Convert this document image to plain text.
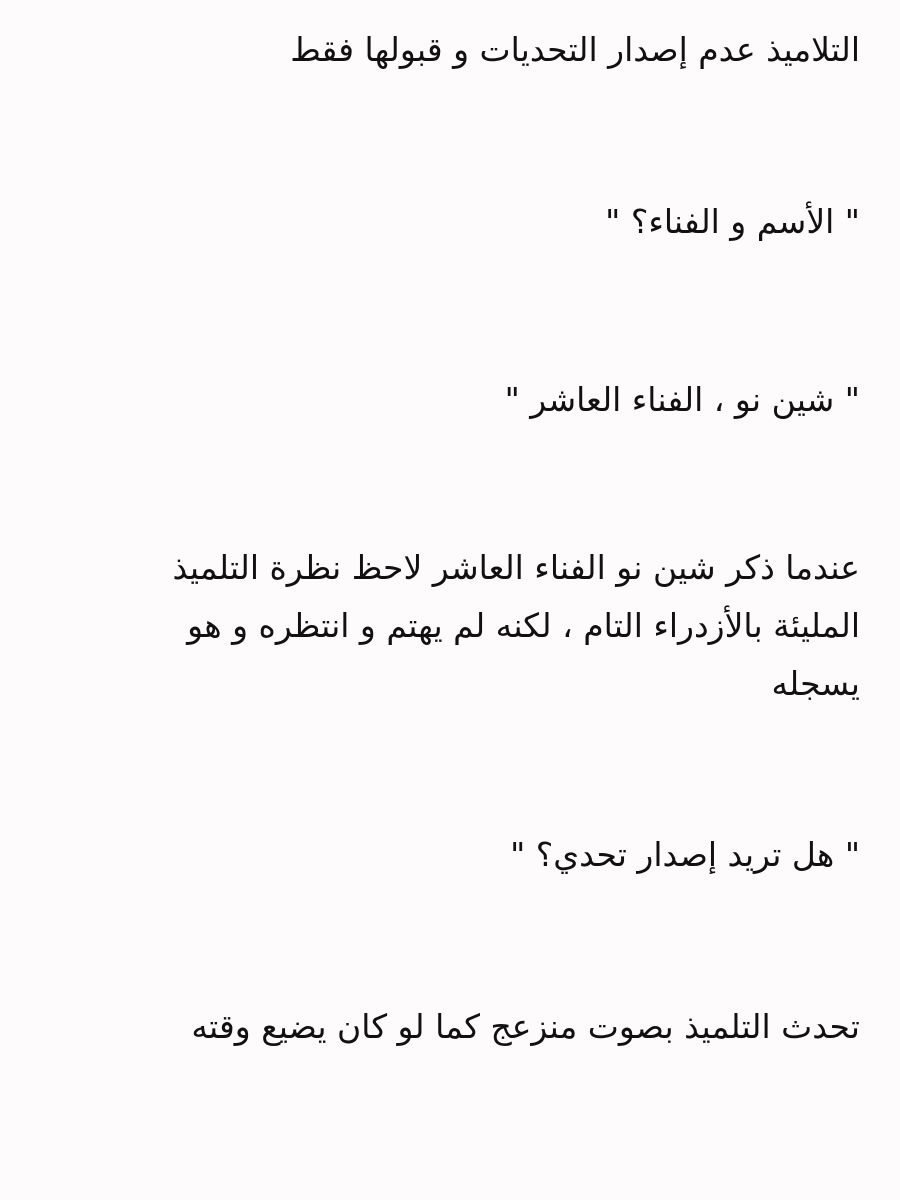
التلاميذ عدم إصدار التحديات و قبولها فقط

" الأسم و الفناء؟ "

" شين نو ، الفناء العاشر "

عندما ذكر شين نو الفناء العاشر لاحظ نظرة التلميذ المليئة بالأزدراء التام ، لكنه لم يهتم و انتظره و هو يسجله

" هل تريد إصدار تحدي؟ "

تحدث التلميذ بصوت منزعج كما لو كان يضيع وقته
